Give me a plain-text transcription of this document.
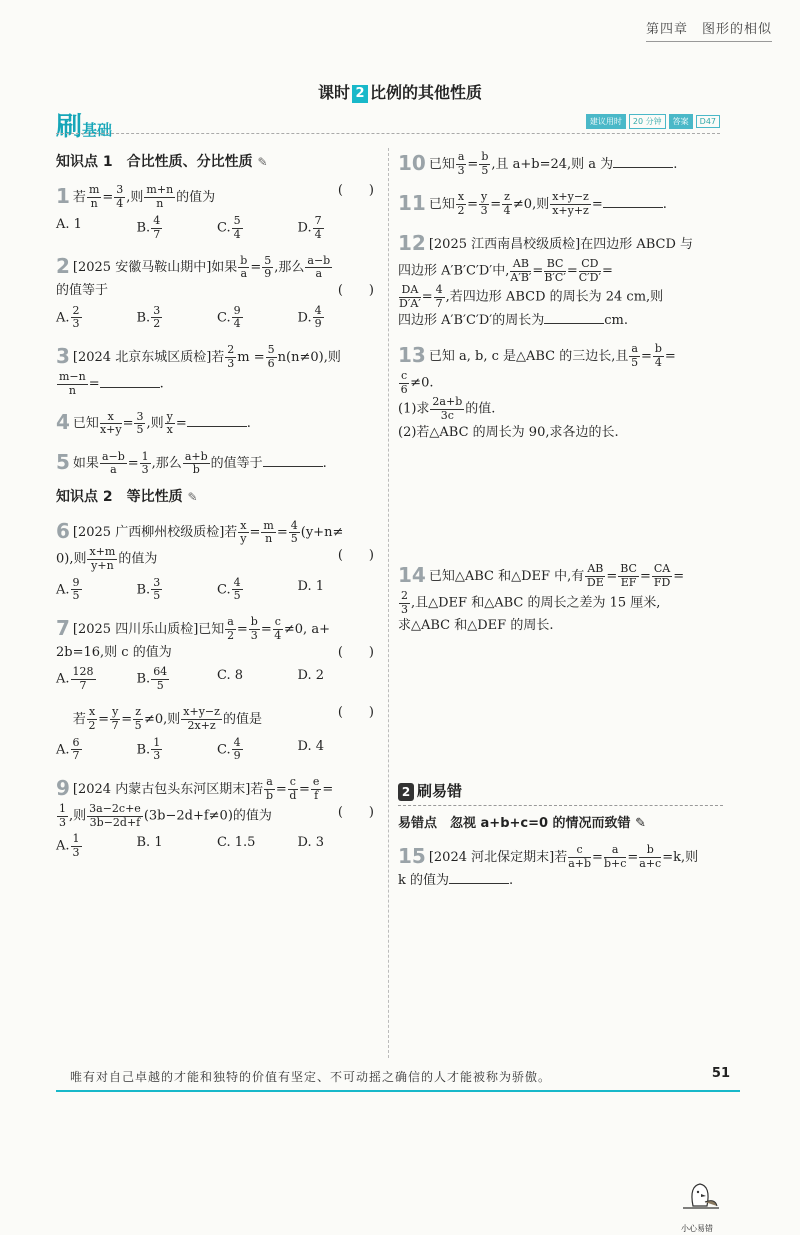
第四章　图形的相似
课时 2 比例的其他性质
刷基础	建议用时 20 分钟 答案 D47
知识点 1　合比性质、分比性质 ✎
1 若 $\frac{m}{n} = \frac{3}{4}$ ,则 $\frac{m+n}{n}$ 的值为	(　　)
A. 1	B. $\frac{4}{7}$	C. $\frac{5}{4}$	D. $\frac{7}{4}$
2 [2025 安徽马鞍山期中]如果 $\frac{b}{a} = \frac{5}{9}$ ,那么 $\frac{a-b}{a}$

的值等于	(　　)
A. $\frac{2}{3}$	B. $\frac{3}{2}$	C. $\frac{9}{4}$	D. $\frac{4}{9}$
3 [2024 北京东城区质检]若 $\frac{2}{3}$ $m = \frac{5}{6} n(n\ne 0)$,则

$\frac{m-n}{n}$ =	.
4 已知 $\frac{x}{x+y} = \frac{3}{5}$ ,则 $\frac{y}{x}$ =	.
5 如果 $\frac{a-b}{a} = \frac{1}{3}$ ,那么 $\frac{a+b}{b}$ 的值等于	.
知识点 2　等比性质 ✎
6 [2025 广西柳州校级质检]若 $\frac{x}{y} = \frac{m}{n} = \frac{4}{5} (y+n\ne$
0),则 $\frac{x+m}{y+n}$ 的值为	(　　)
A. $\frac{9}{5}$	B. $\frac{3}{5}$	C. $\frac{4}{5}$	D. 1
7 [2025 四川乐山质检]已知 $\frac{a}{2} = \frac{b}{3} = \frac{c}{4} \ne 0$, a+
2b=16,则 c 的值为	(　　)
A. $\frac{128}{7}$	B. $\frac{64}{5}$	C. 8	D. 2
若 $\frac{x}{2} = \frac{y}{7} = \frac{z}{5} \ne 0$,则 $\frac{x+y-z}{2x+z}$ 的值是	(　　)
A. $\frac{6}{7}$	B. $\frac{1}{3}$	C. $\frac{4}{9}$	D. 4
9 [2024 内蒙古包头东河区期末]若 $\frac{a}{b} = \frac{c}{d} = \frac{e}{f}$ =

$\frac{1}{3}$ ,则 $\frac{3a-2c+e}{3b-2d+f} (3b-2d+f\ne 0)$的值为	(　　)
A. $\frac{1}{3}$	B. 1	C. 1.5	D. 3
10 已知 $\frac{a}{3} = \frac{b}{5}$ ,且 a+b=24,则 a 为	.
11 已知 $\frac{x}{2} = \frac{y}{3} = \frac{z}{4} \ne 0$,则 $\frac{x+y-z}{x+y+z}$ =	.
12 [2025 江西南昌校级质检]在四边形 ABCD 与
四边形 A′B′C′D′中, $\frac{AB}{A'B'} = \frac{BC}{B'C'} = \frac{CD}{C'D'}$ =

$\frac{DA}{D'A'} = \frac{4}{7}$ ,若四边形 ABCD 的周长为 24 cm,则
四边形 A′B′C′D′的周长为	cm.
13 已知 a, b, c 是△ABC 的三边长,且 $\frac{a}{5} = \frac{b}{4}$ =

$\frac{c}{6} \ne 0$.
(1)求 $\frac{2a+b}{3c}$ 的值.
(2)若△ABC 的周长为 90,求各边的长.
14 已知△ABC 和△DEF 中,有 $\frac{AB}{DE} = \frac{BC}{EF} = \frac{CA}{FD}$ =

$\frac{2}{3}$ ,且△DEF 和△ABC 的周长之差为 15 厘米,
求△ABC 和△DEF 的周长.
小心易错
2 刷易错
易错点　忽视 a+b+c=0 的情况而致错 ✎
15 [2024 河北保定期末]若 $\frac{c}{a+b} = \frac{a}{b+c} = \frac{b}{a+c} =k$,则
k 的值为	.
唯有对自己卓越的才能和独特的价值有坚定、不可动摇之确信的人才能被称为骄傲。	51
